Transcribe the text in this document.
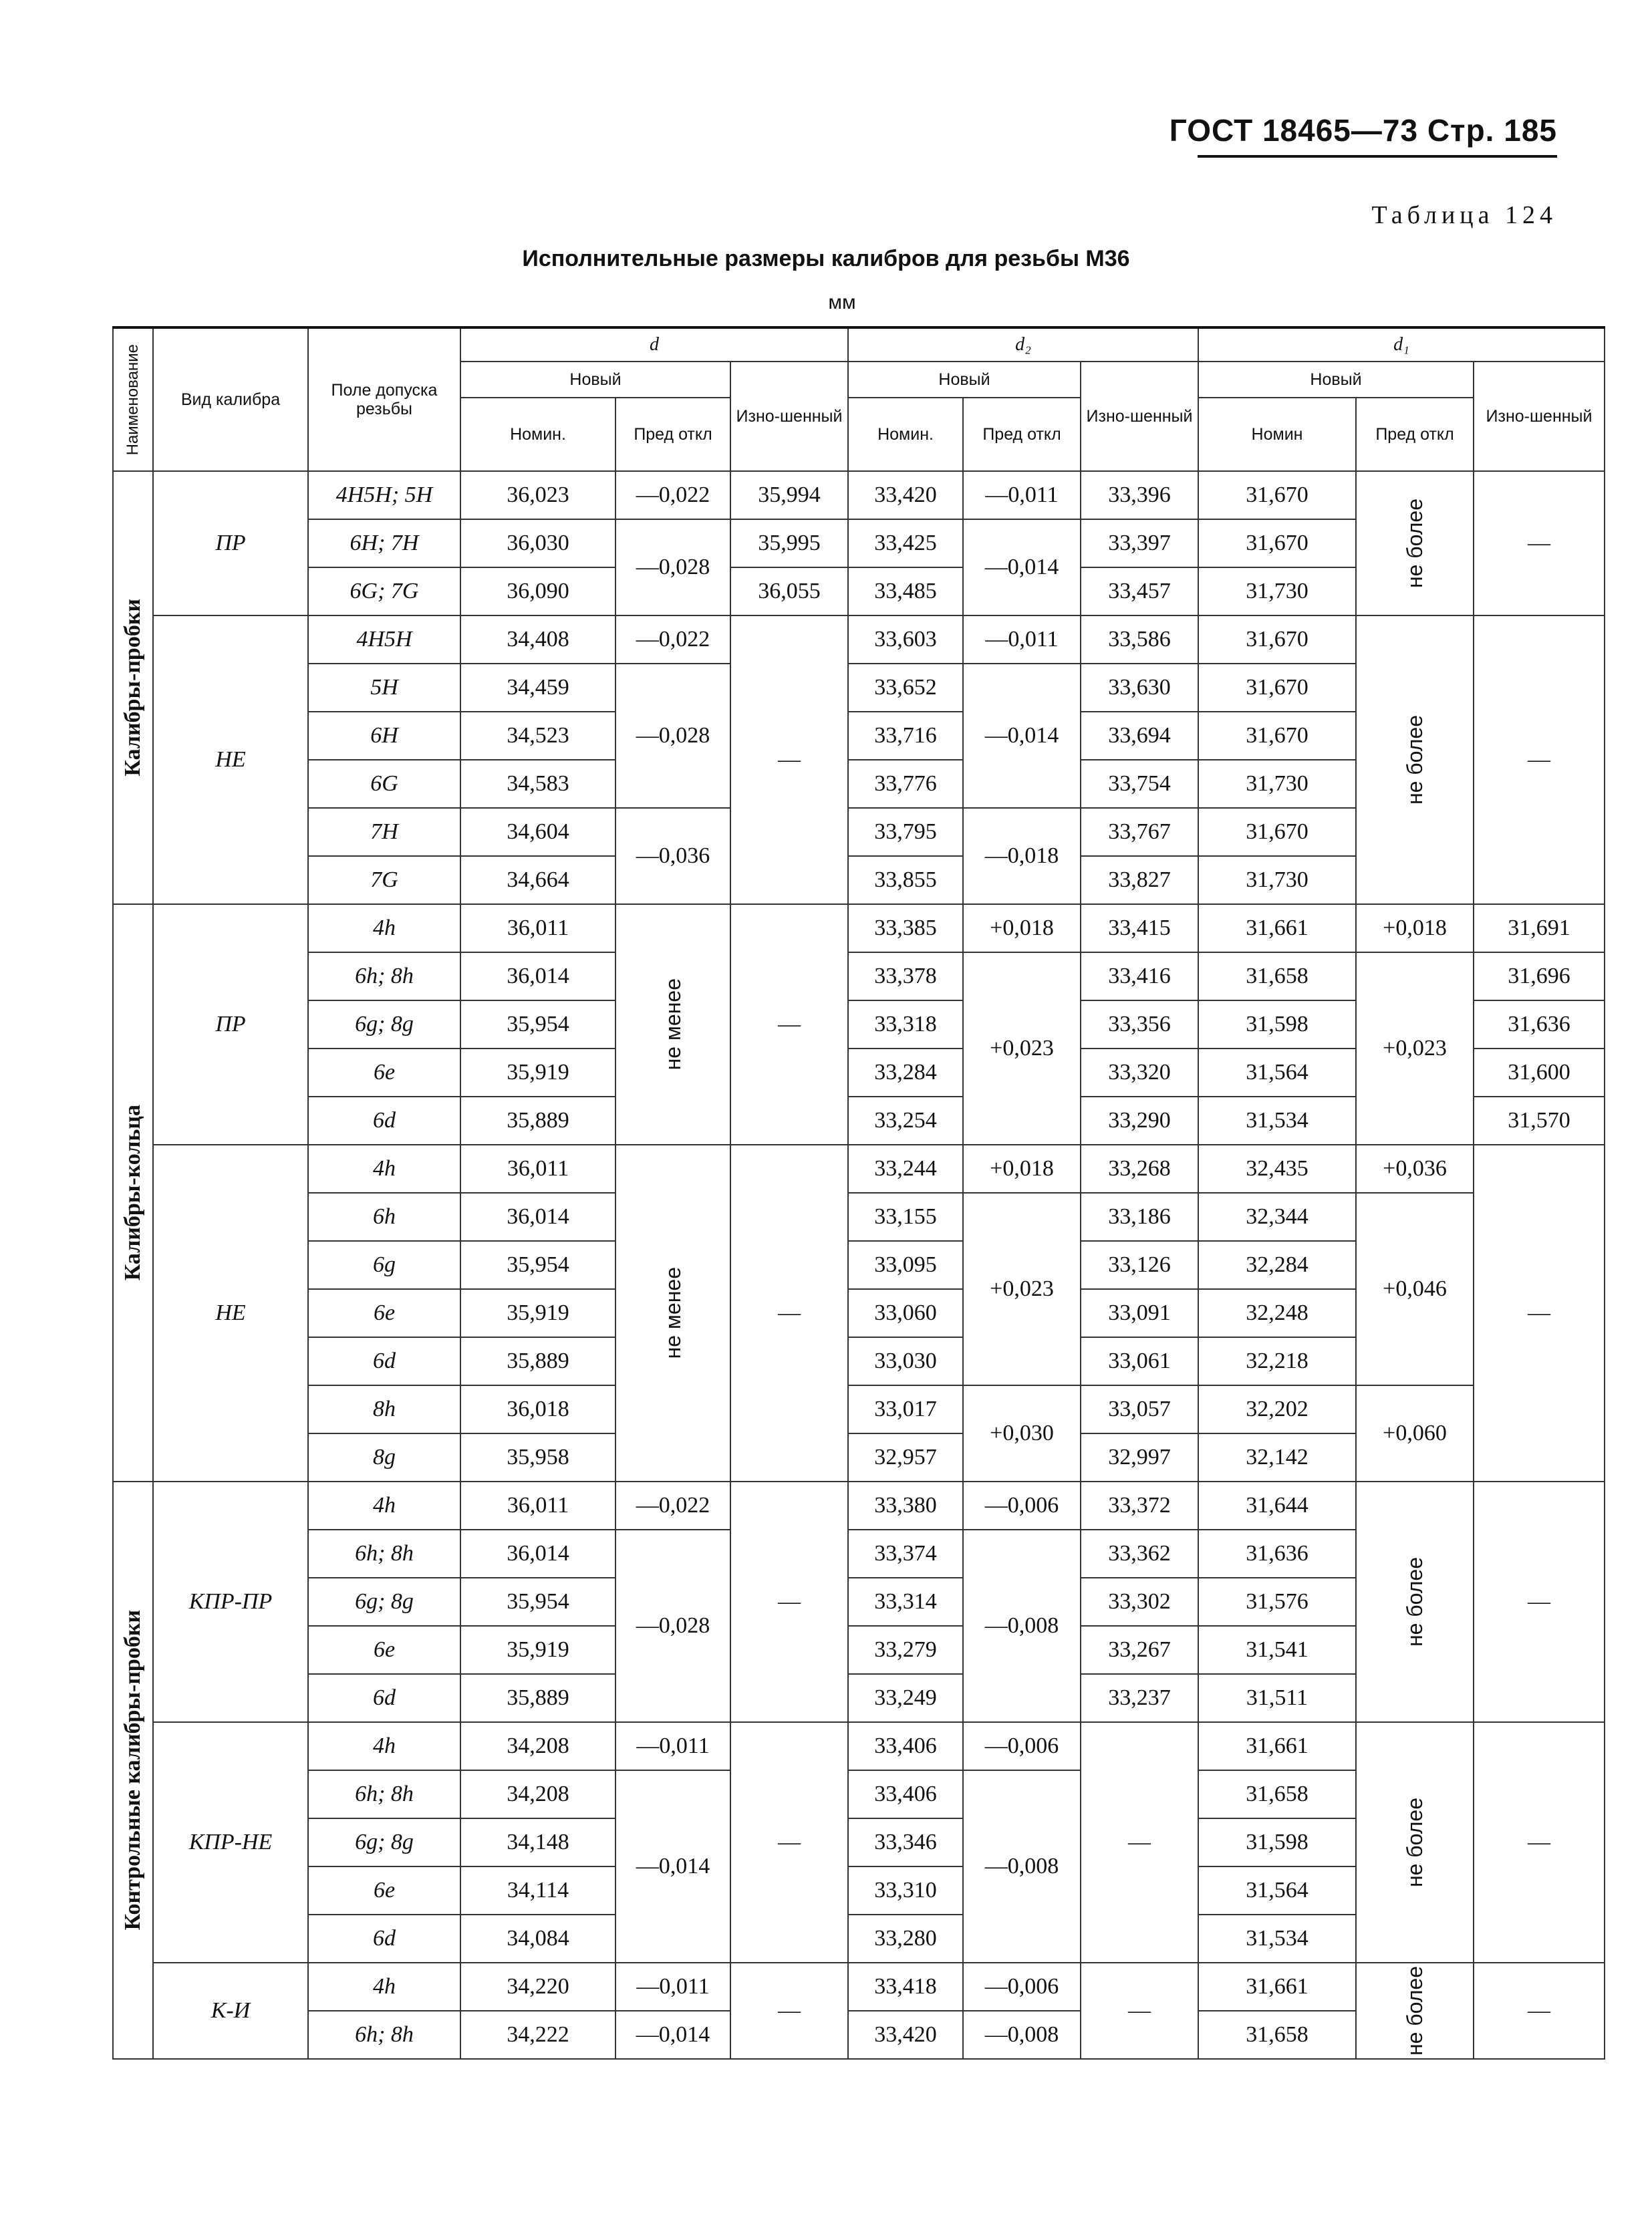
ГОСТ 18465—73 Стр. 185
Таблица 124
Исполнительные размеры калибров для резьбы М36
мм
Наименование	Вид калибра	Поле допуска резьбы	d			d₂			d₁		
			Новый		Изно-шенный	Новый		Изно-шенный	Новый		Изно-шенный
			Номин.	Пред откл		Номин.	Пред откл		Номин	Пред откл	

Калибры-пробки	ПР	4Н5Н; 5Н	36,023	—0,022	35,994	33,420	—0,011	33,396	31,670	не более	—
		6Н; 7Н	36,030	—0,028	35,995	33,425	—0,014	33,397	31,670		
		6G; 7G	36,090		36,055	33,485		33,457	31,730		
	НЕ	4Н5Н	34,408	—0,022	—	33,603	—0,011	33,586	31,670	не более	—
		5Н	34,459	—0,028		33,652	—0,014	33,630	31,670		
		6Н	34,523			33,716		33,694	31,670		
		6G	34,583			33,776		33,754	31,730		
		7Н	34,604	—0,036		33,795	—0,018	33,767	31,670		
		7G	34,664			33,855		33,827	31,730		

Калибры-кольца	ПР	4h	36,011	не менее	—	33,385	+0,018	33,415	31,661	+0,018	31,691
		6h; 8h	36,014			33,378	+0,023	33,416	31,658	+0,023	31,696
		6g; 8g	35,954			33,318		33,356	31,598		31,636
		6e	35,919			33,284		33,320	31,564		31,600
		6d	35,889			33,254		33,290	31,534		31,570
	НЕ	4h	36,011	не менее	—	33,244	+0,018	33,268	32,435	+0,036	—
		6h	36,014			33,155	+0,023	33,186	32,344	+0,046	
		6g	35,954			33,095		33,126	32,284		
		6e	35,919			33,060		33,091	32,248		
		6d	35,889			33,030		33,061	32,218		
		8h	36,018			33,017	+0,030	33,057	32,202	+0,060	
		8g	35,958			32,957		32,997	32,142		

Контрольные калибры-пробки	КПР-ПР	4h	36,011	—0,022	—	33,380	—0,006	33,372	31,644	не более	—
		6h; 8h	36,014	—0,028		33,374	—0,008	33,362	31,636		
		6g; 8g	35,954			33,314		33,302	31,576		
		6e	35,919			33,279		33,267	31,541		
		6d	35,889			33,249		33,237	31,511		
	КПР-НЕ	4h	34,208	—0,011	—	33,406	—0,006	—	31,661	не более	—
		6h; 8h	34,208	—0,014		33,406	—0,008		31,658		
		6g; 8g	34,148			33,346			31,598		
		6e	34,114			33,310			31,564		
		6d	34,084			33,280			31,534		
	К-И	4h	34,220	—0,011	—	33,418	—0,006	—	31,661	не более	—
		6h; 8h	34,222	—0,014		33,420	—0,008		31,658		
